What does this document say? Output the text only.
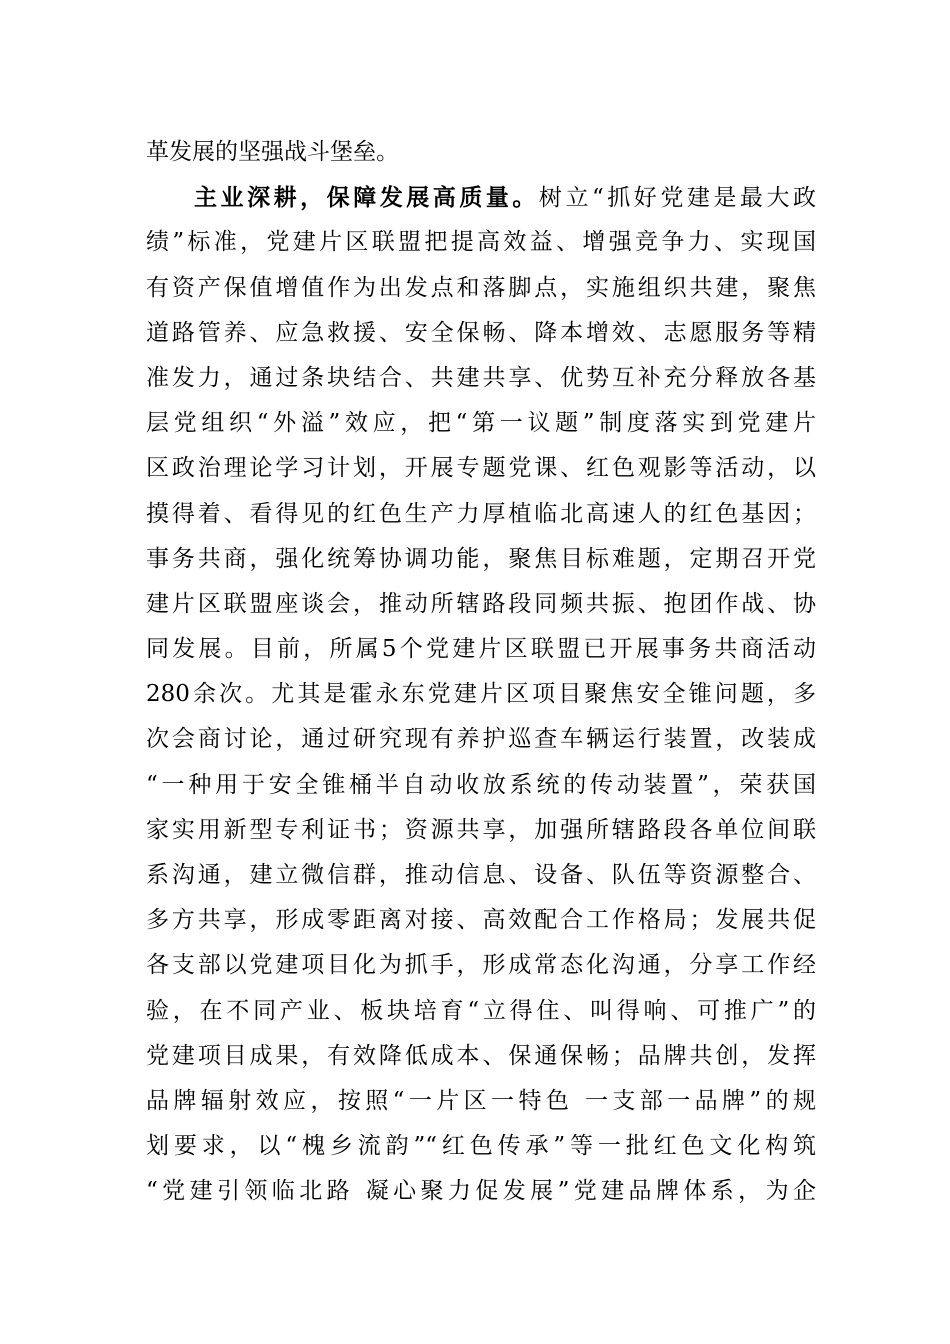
革发展的坚强战斗堡垒。
主业深耕，保障发展高质量。树立“抓好党建是最大政
绩”标准，党建片区联盟把提高效益、增强竞争力、实现国
有资产保值增值作为出发点和落脚点，实施组织共建，聚焦
道路管养、应急救援、安全保畅、降本增效、志愿服务等精
准发力，通过条块结合、共建共享、优势互补充分释放各基
层党组织“外溢”效应，把“第一议题”制度落实到党建片
区政治理论学习计划，开展专题党课、红色观影等活动，以
摸得着、看得见的红色生产力厚植临北高速人的红色基因；
事务共商，强化统筹协调功能，聚焦目标难题，定期召开党
建片区联盟座谈会，推动所辖路段同频共振、抱团作战、协
同发展。目前，所属5个党建片区联盟已开展事务共商活动
280余次。尤其是霍永东党建片区项目聚焦安全锥问题，多
次会商讨论，通过研究现有养护巡查车辆运行装置，改装成
“一种用于安全锥桶半自动收放系统的传动装置”，荣获国
家实用新型专利证书；资源共享，加强所辖路段各单位间联
系沟通，建立微信群，推动信息、设备、队伍等资源整合、
多方共享，形成零距离对接、高效配合工作格局；发展共促
各支部以党建项目化为抓手，形成常态化沟通，分享工作经
验，在不同产业、板块培育“立得住、叫得响、可推广”的
党建项目成果，有效降低成本、保通保畅；品牌共创，发挥
品牌辐射效应，按照“一片区一特色 一支部一品牌”的规
划要求，以“槐乡流韵”“红色传承”等一批红色文化构筑
“党建引领临北路 凝心聚力促发展”党建品牌体系，为企
